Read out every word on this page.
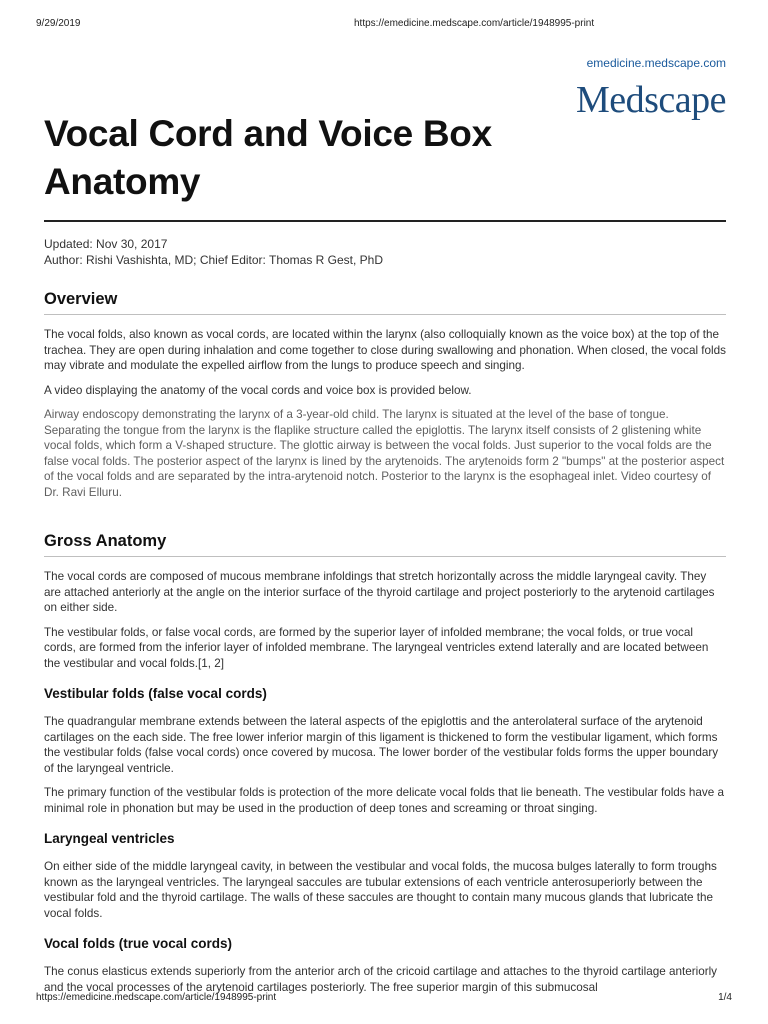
9/29/2019	https://emedicine.medscape.com/article/1948995-print
emedicine.medscape.com
Medscape
Vocal Cord and Voice Box
Anatomy
Updated: Nov 30, 2017
Author: Rishi Vashishta, MD; Chief Editor: Thomas R Gest, PhD
Overview

The vocal folds, also known as vocal cords, are located within the larynx (also colloquially known as the voice box) at the top of the trachea. They are open during inhalation and come together to close during swallowing and phonation. When closed, the vocal folds may vibrate and modulate the expelled airflow from the lungs to produce speech and singing.

A video displaying the anatomy of the vocal cords and voice box is provided below.

Airway endoscopy demonstrating the larynx of a 3-year-old child. The larynx is situated at the level of the base of tongue. Separating the tongue from the larynx is the flaplike structure called the epiglottis. The larynx itself consists of 2 glistening white vocal folds, which form a V-shaped structure. The glottic airway is between the vocal folds. Just superior to the vocal folds are the false vocal folds. The posterior aspect of the larynx is lined by the arytenoids. The arytenoids form 2 "bumps" at the posterior aspect of the vocal folds and are separated by the intra-arytenoid notch. Posterior to the larynx is the esophageal inlet. Video courtesy of Dr. Ravi Elluru.

Gross Anatomy

The vocal cords are composed of mucous membrane infoldings that stretch horizontally across the middle laryngeal cavity. They are attached anteriorly at the angle on the interior surface of the thyroid cartilage and project posteriorly to the arytenoid cartilages on either side.

The vestibular folds, or false vocal cords, are formed by the superior layer of infolded membrane; the vocal folds, or true vocal cords, are formed from the inferior layer of infolded membrane. The laryngeal ventricles extend laterally and are located between the vestibular and vocal folds.[1, 2]

Vestibular folds (false vocal cords)

The quadrangular membrane extends between the lateral aspects of the epiglottis and the anterolateral surface of the arytenoid cartilages on the each side. The free lower inferior margin of this ligament is thickened to form the vestibular ligament, which forms the vestibular folds (false vocal cords) once covered by mucosa. The lower border of the vestibular folds forms the upper boundary of the laryngeal ventricle.

The primary function of the vestibular folds is protection of the more delicate vocal folds that lie beneath. The vestibular folds have a minimal role in phonation but may be used in the production of deep tones and screaming or throat singing.

Laryngeal ventricles

On either side of the middle laryngeal cavity, in between the vestibular and vocal folds, the mucosa bulges laterally to form troughs known as the laryngeal ventricles. The laryngeal saccules are tubular extensions of each ventricle anterosuperiorly between the vestibular fold and the thyroid cartilage. The walls of these saccules are thought to contain many mucous glands that lubricate the vocal folds.

Vocal folds (true vocal cords)

The conus elasticus extends superiorly from the anterior arch of the cricoid cartilage and attaches to the thyroid cartilage anteriorly and the vocal processes of the arytenoid cartilages posteriorly. The free superior margin of this submucosal

https://emedicine.medscape.com/article/1948995-print	1/4
